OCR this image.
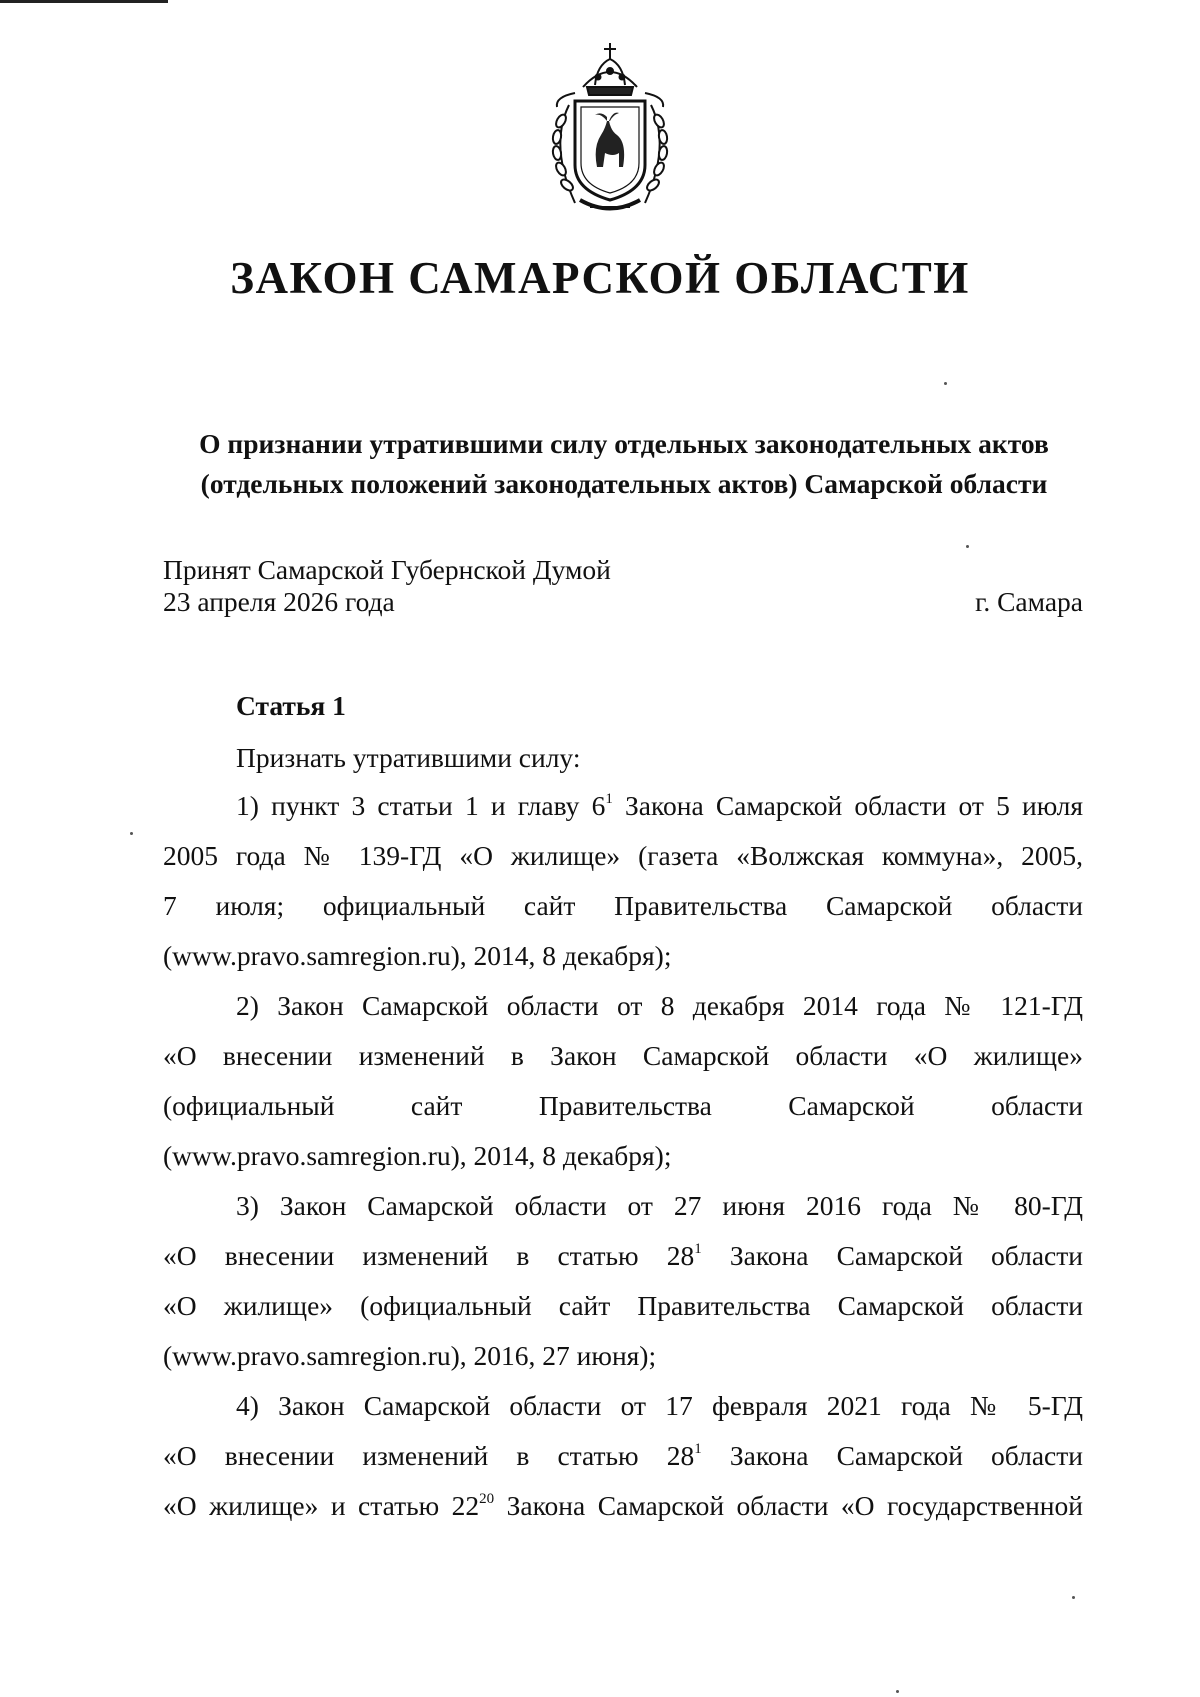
ЗАКОН САМАРСКОЙ ОБЛАСТИ
О признании утратившими силу отдельных законодательных актов
(отдельных положений законодательных актов) Самарской области
Принят Самарской Губернской Думой
23 апреля 2026 года	г. Самара
Статья 1
Признать утратившими силу:
1) пункт 3 статьи 1 и главу $6^1$ Закона Самарской области от 5 июля
2005 года № 139-ГД «О жилище» (газета «Волжская коммуна», 2005,
7 июля; официальный сайт Правительства Самарской области
(www.pravo.samregion.ru), 2014, 8 декабря);
2) Закон Самарской области от 8 декабря 2014 года № 121-ГД
«О внесении изменений в Закон Самарской области «О жилище»
(официальный сайт Правительства Самарской области
(www.pravo.samregion.ru), 2014, 8 декабря);
3) Закон Самарской области от 27 июня 2016 года № 80-ГД
«О внесении изменений в статью $28^1$ Закона Самарской области
«О жилище» (официальный сайт Правительства Самарской области
(www.pravo.samregion.ru), 2016, 27 июня);
4) Закон Самарской области от 17 февраля 2021 года № 5-ГД
«О внесении изменений в статью $28^1$ Закона Самарской области
«О жилище» и статью $22^{20}$ Закона Самарской области «О государственной
